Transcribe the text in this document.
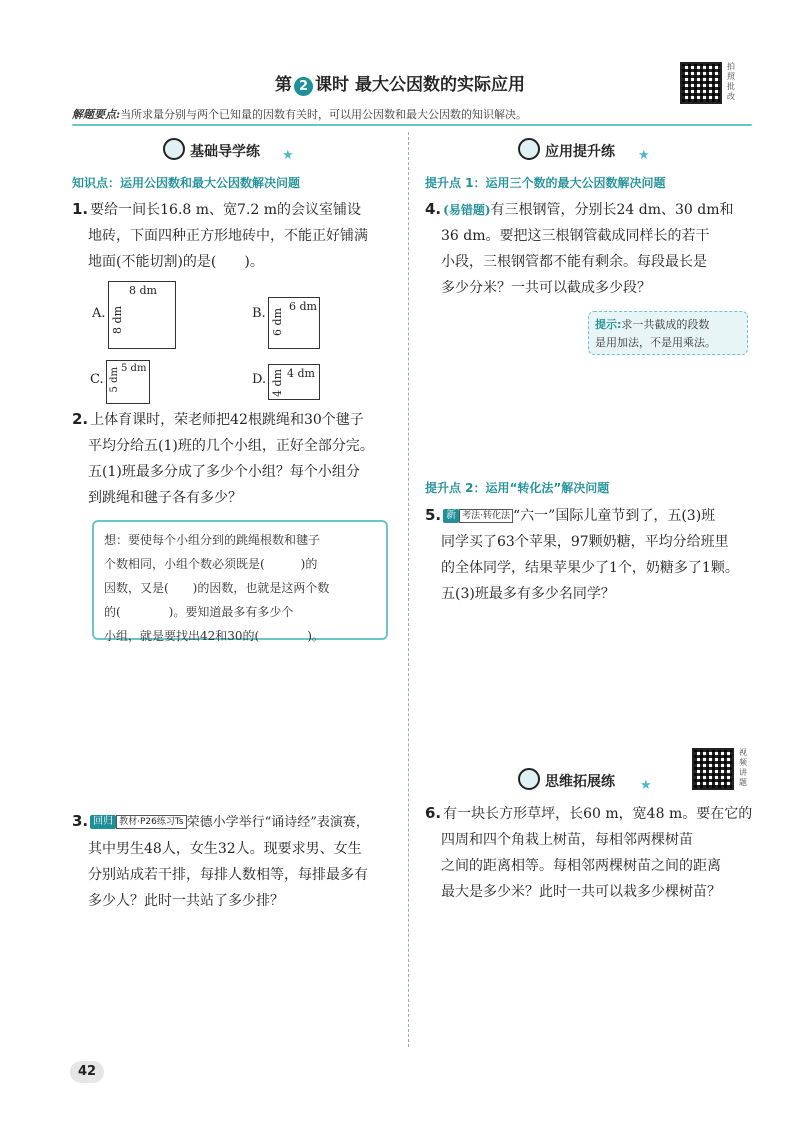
第 2 课时 最大公因数的实际应用
拍照批改
解题要点:当所求量分别与两个已知量的因数有关时，可以用公因数和最大公因数的知识解决。
基础导学练 ★
知识点：运用公因数和最大公因数解决问题
1. 要给一间长16.8 m、宽7.2 m的会议室铺设
地砖，下面四种正方形地砖中，不能正好铺满
地面(不能切割)的是(　　)。
A.
8 dm
8 dm	B. 6 dm
6 dm
C.
5 dm
5 dm	D. 4 dm
4 dm
2. 上体育课时，荣老师把42根跳绳和30个毽子
平均分给五(1)班的几个小组，正好全部分完。
五(1)班最多分成了多少个小组？每个小组分
到跳绳和毽子各有多少？
想：要使每个小组分到的跳绳根数和毽子
个数相同，小组个数必须既是(　　　)的
因数，又是(　　)的因数，也就是这两个数
的(　　　　)。要知道最多有多少个
小组，就是要找出42和30的(　　　　)。
3. 回归 教材·P26练习Ts 荣德小学举行“诵诗经”表演赛，
其中男生48人，女生32人。现要求男、女生
分别站成若干排，每排人数相等，每排最多有
多少人？此时一共站了多少排？
应用提升练 ★
提升点 1：运用三个数的最大公因数解决问题
4. (易错题)有三根钢管，分别长24 dm、30 dm和
36 dm。要把这三根钢管截成同样长的若干
小段，三根钢管都不能有剩余。每段最长是
多少分米？一共可以截成多少段？
提示:求一共截成的段数
是用加法，不是用乘法。
提升点 2：运用“转化法”解决问题
5. 新 考法·转化法 “六一”国际儿童节到了，五(3)班
同学买了63个苹果，97颗奶糖，平均分给班里
的全体同学，结果苹果少了1个，奶糖多了1颗。
五(3)班最多有多少名同学？
思维拓展练 ★
视频讲题
6. 有一块长方形草坪，长60 m，宽48 m。要在它的
四周和四个角栽上树苗，每相邻两棵树苗
之间的距离相等。每相邻两棵树苗之间的距离
最大是多少米？此时一共可以栽多少棵树苗？
42
